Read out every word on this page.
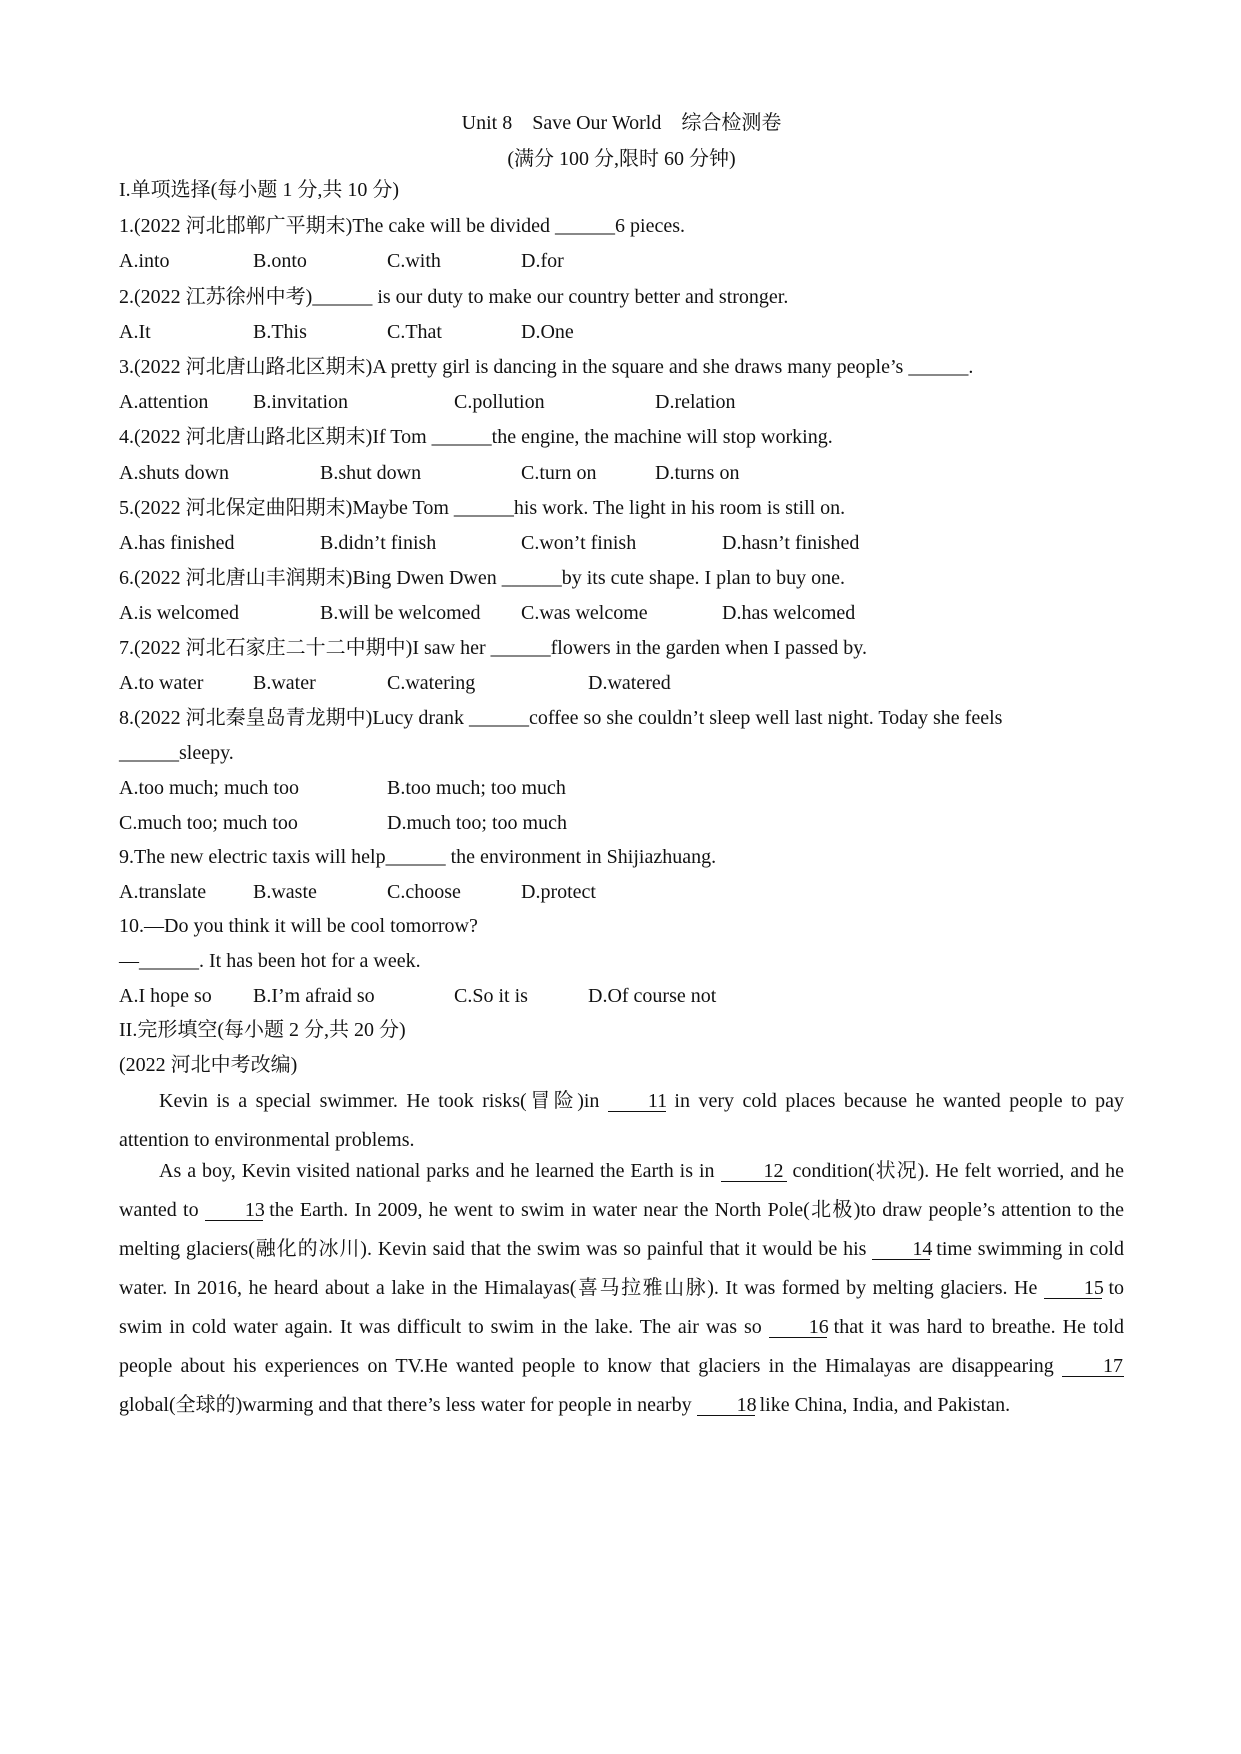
Unit 8　Save Our World　综合检测卷
(满分 100 分,限时 60 分钟)
I.单项选择(每小题 1 分,共 10 分)
1.(2022 河北邯郸广平期末)The cake will be divided ______6 pieces.
A.into	B.onto	C.with	D.for
2.(2022 江苏徐州中考)______ is our duty to make our country better and stronger.
A.It	B.This	C.That	D.One
3.(2022 河北唐山路北区期末)A pretty girl is dancing in the square and she draws many people’s ______.
A.attention B.invitation	C.pollution	D.relation
4.(2022 河北唐山路北区期末)If Tom ______the engine, the machine will stop working.
A.shuts down	B.shut down	C.turn on	D.turns on
5.(2022 河北保定曲阳期末)Maybe Tom ______his work. The light in his room is still on.
A.has finished	B.didn’t finish	C.won’t finish	D.hasn’t finished
6.(2022 河北唐山丰润期末)Bing Dwen Dwen ______by its cute shape. I plan to buy one.
A.is welcomed	B.will be welcomed C.was welcome	D.has welcomed
7.(2022 河北石家庄二十二中期中)I saw her ______flowers in the garden when I passed by.
A.to water B.water	C.watering	D.watered
8.(2022 河北秦皇岛青龙期中)Lucy drank ______coffee so she couldn’t sleep well last night. Today she feels
______sleepy.
A.too much; much too	B.too much; too much
C.much too; much too	D.much too; too much
9.The new electric taxis will help______ the environment in Shijiazhuang.
A.translate B.waste	C.choose	D.protect
10.—Do you think it will be cool tomorrow?
—______. It has been hot for a week.
A.I hope so B.I’m afraid so	C.So it is	D.Of course not
II.完形填空(每小题 2 分,共 20 分)
(2022 河北中考改编)
Kevin is a special swimmer. He took risks(冒险)in 11 in very cold places because he wanted people to pay attention to environmental problems.
As a boy, Kevin visited national parks and he learned the Earth is in 12 condition(状况). He felt worried, and he wanted to 13 the Earth. In 2009, he went to swim in water near the North Pole(北极)to draw people’s attention to the melting glaciers(融化的冰川). Kevin said that the swim was so painful that it would be his 14 time swimming in cold water. In 2016, he heard about a lake in the Himalayas(喜马拉雅山脉). It was formed by melting glaciers. He 15 to swim in cold water again. It was difficult to swim in the lake. The air was so 16 that it was hard to breathe. He told people about his experiences on TV.He wanted people to know that glaciers in the Himalayas are disappearing 17 global(全球的)warming and that there’s less water for people in nearby 18 like China, India, and Pakistan.
